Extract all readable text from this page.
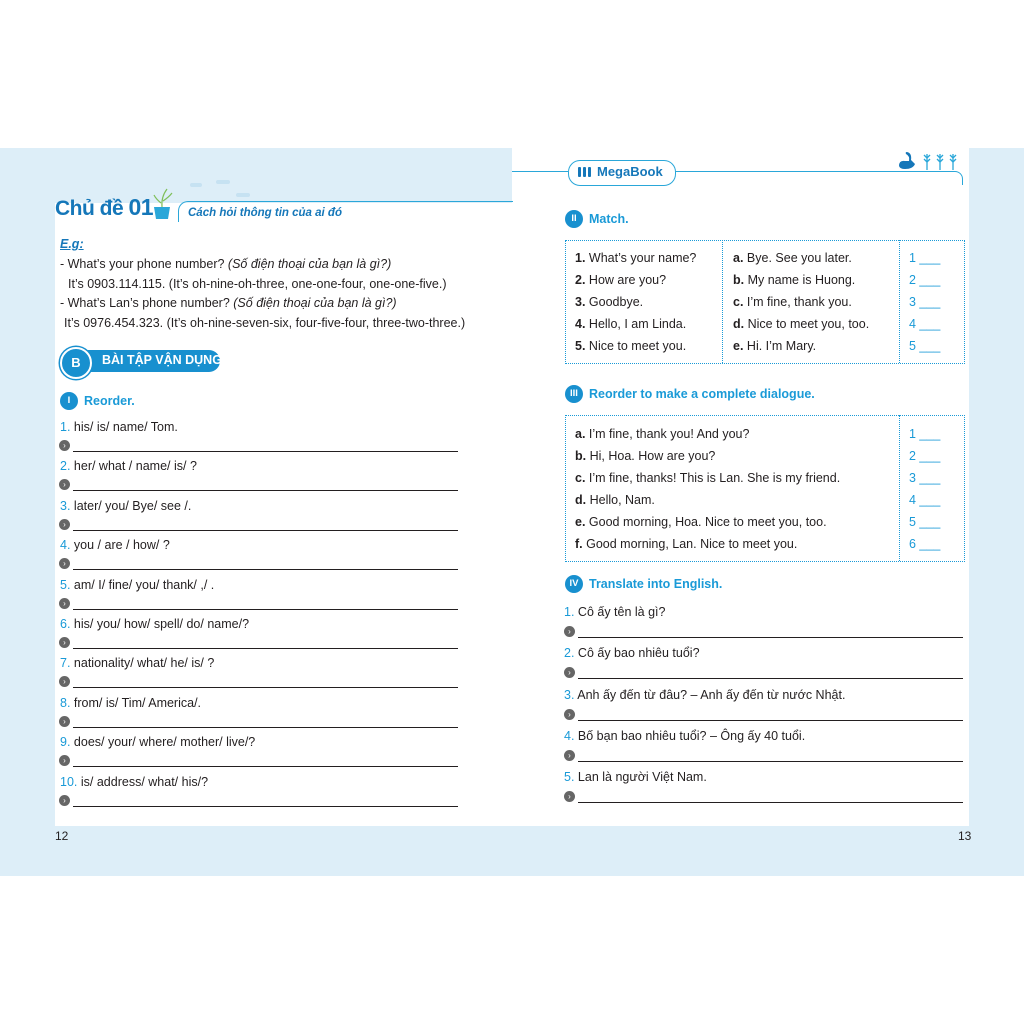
Chủ đề 01	Cách hỏi thông tin của ai đó
E.g:
- What’s your phone number? (Số điện thoại của bạn là gì?)
It’s 0903.114.115. (It’s oh-nine-oh-three, one-one-four, one-one-five.)
- What’s Lan’s phone number? (Số điện thoại của bạn là gì?)
It’s 0976.454.323. (It’s oh-nine-seven-six, four-five-four, three-two-three.)
B	BÀI TẬP VẬN DỤNG
I	Reorder.
1. his/ is/ name/ Tom.
›
2. her/ what / name/ is/ ?
›
3. later/ you/ Bye/ see /.
›
4. you / are / how/ ?
›
5. am/ I/ fine/ you/ thank/ ,/ .
›
6. his/ you/ how/ spell/ do/ name/?
›
7. nationality/ what/ he/ is/ ?
›
8. from/ is/ Tim/ America/.
›
9. does/ your/ where/ mother/ live/?
›
10. is/ address/ what/ his/?
›
MegaBook
II Match.
1. What’s your name?	a. Bye. See you later.	1 ___
2. How are you?	b. My name is Huong.	2 ___
3. Goodbye.	c. I’m fine, thank you.	3 ___
4. Hello, I am Linda.	d. Nice to meet you, too.	4 ___
5. Nice to meet you.	e. Hi. I’m Mary.	5 ___
III Reorder to make a complete dialogue.
a. I’m fine, thank you! And you?	1 ___
b. Hi, Hoa. How are you?	2 ___
c. I’m fine, thanks! This is Lan. She is my friend.	3 ___
d. Hello, Nam.	4 ___
e. Good morning, Hoa. Nice to meet you, too.	5 ___
f. Good morning, Lan. Nice to meet you.	6 ___
IV Translate into English.
1. Cô ấy tên là gì?
›
2. Cô ấy bao nhiêu tuổi?
›
3. Anh ấy đến từ đâu? – Anh ấy đến từ nước Nhật.
›
4. Bố bạn bao nhiêu tuổi? – Ông ấy 40 tuổi.
›
5. Lan là người Việt Nam.
›
12	13
